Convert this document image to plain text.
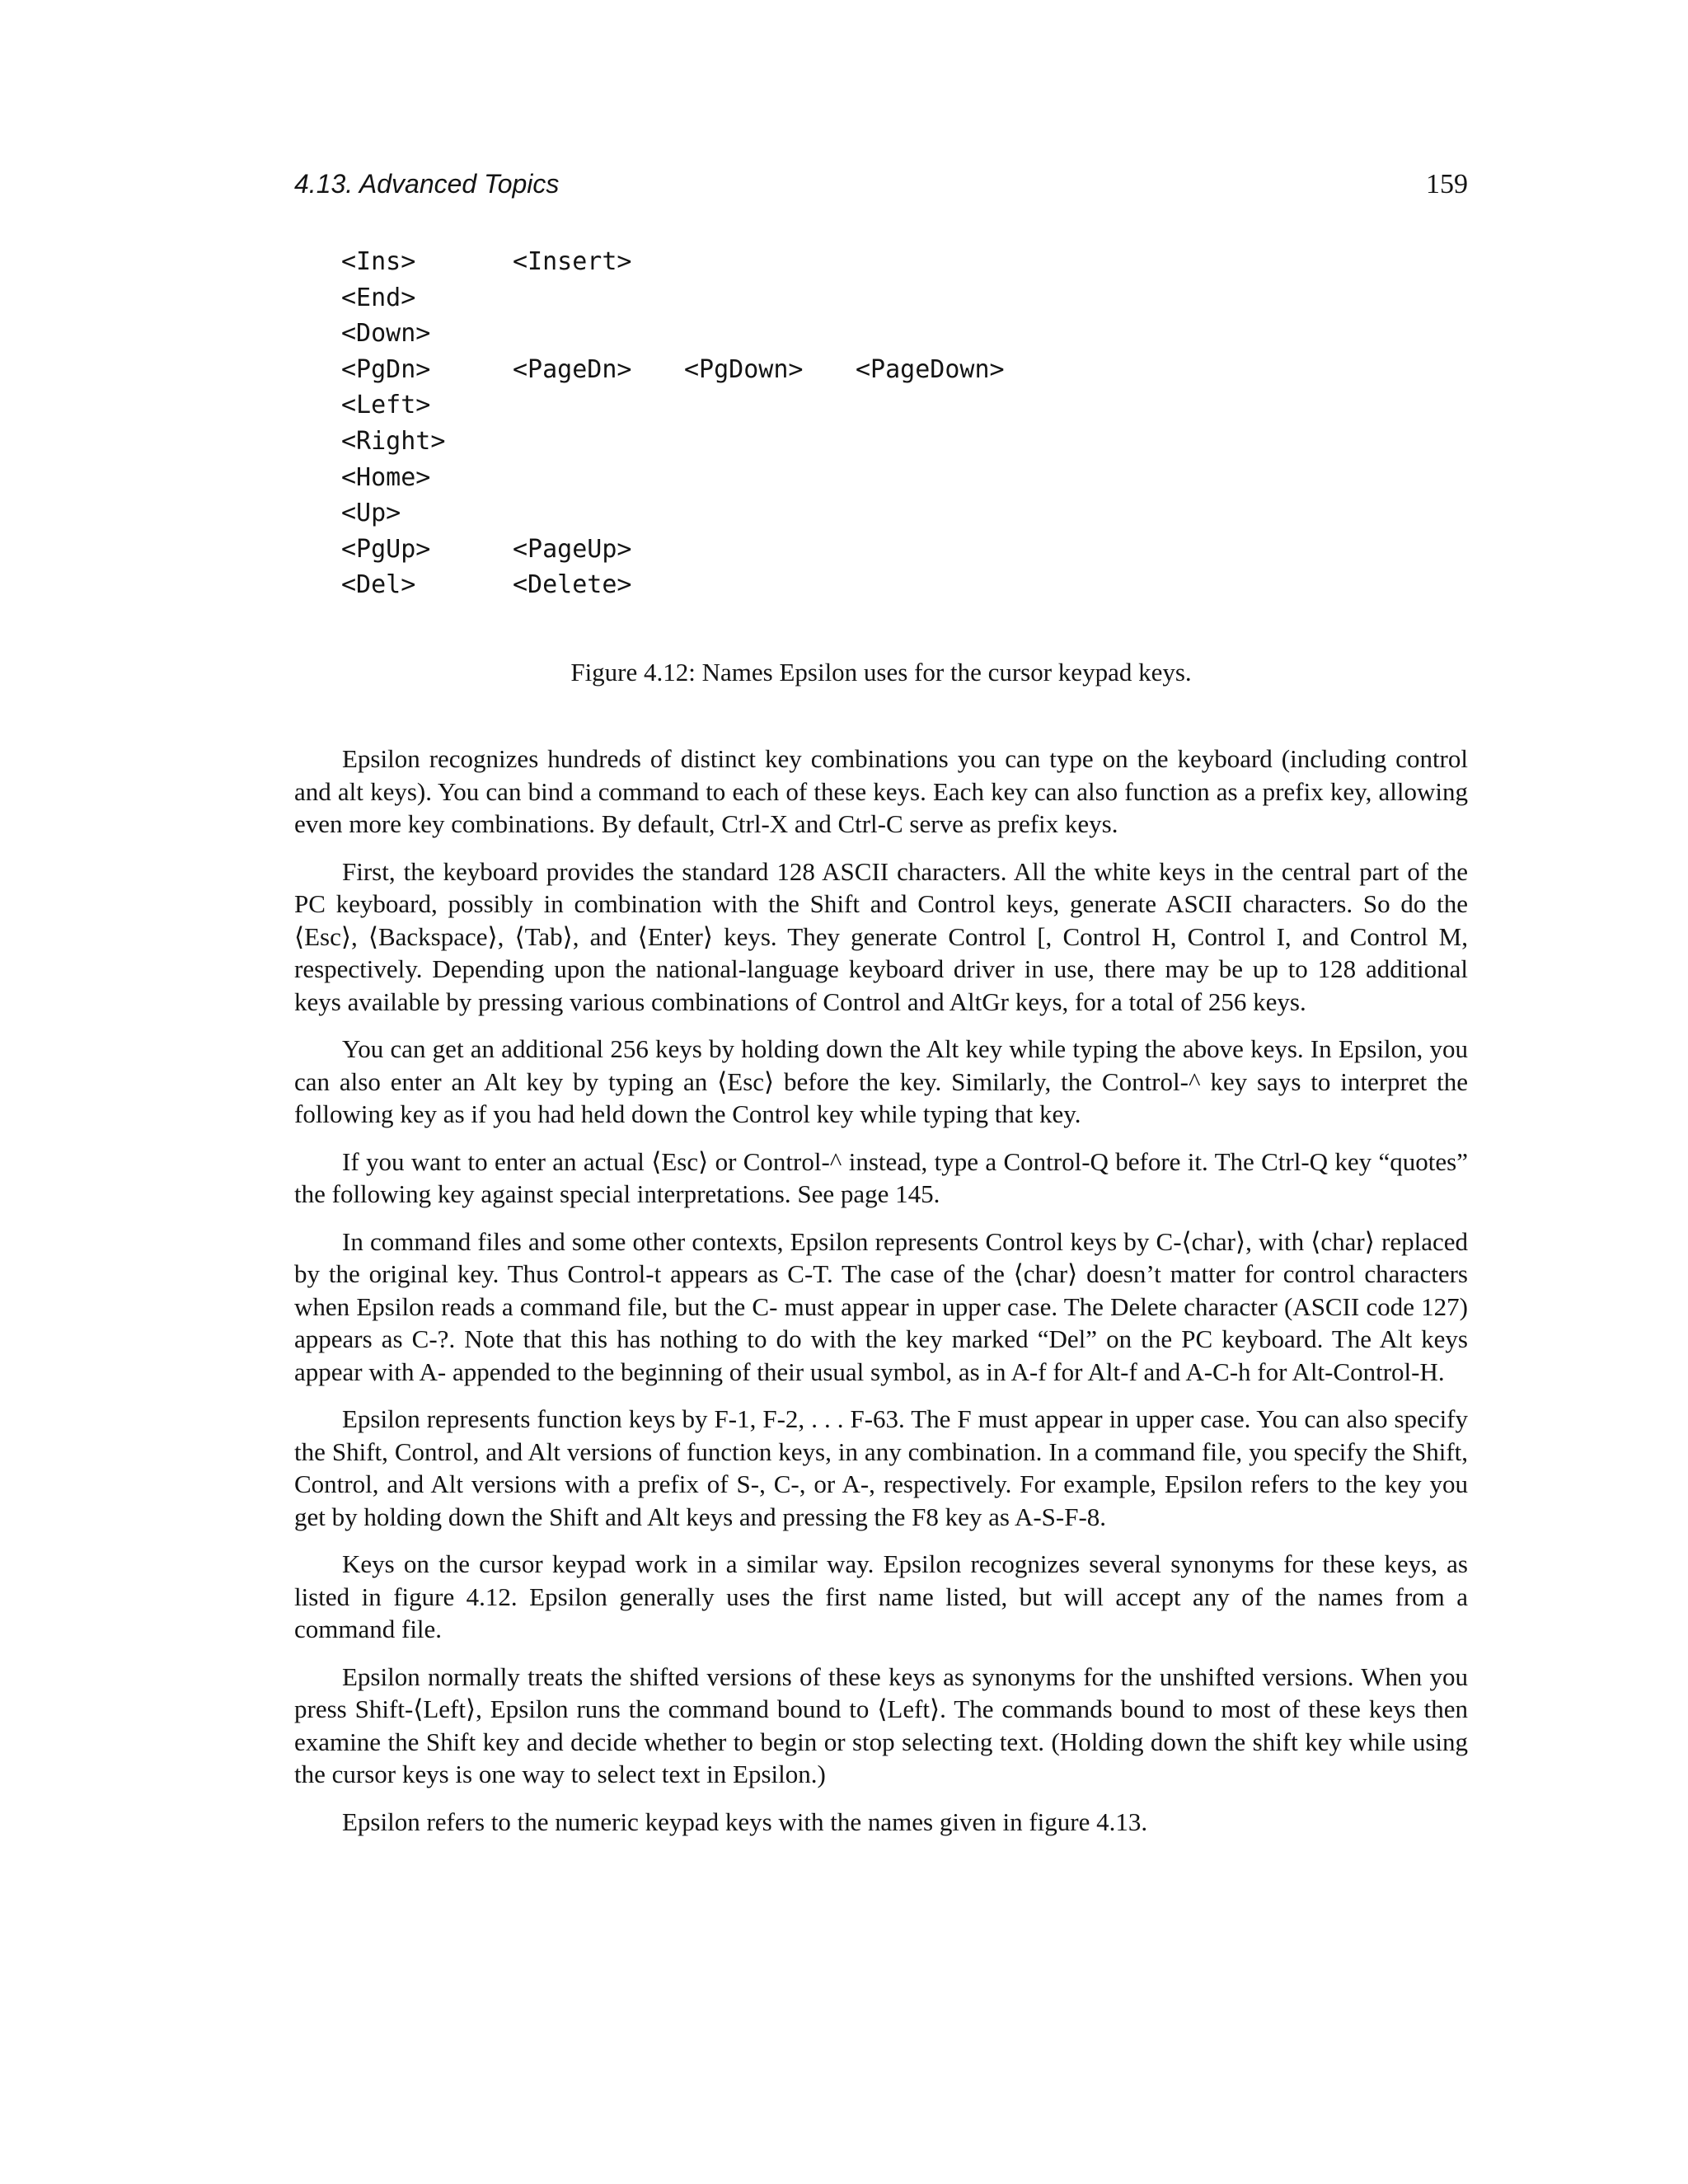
4.13. Advanced Topics	159
<Ins>	<Insert>
<End>
<Down>
<PgDn>	<PageDn> <PgDown> <PageDown>
<Left>
<Right>
<Home>
<Up>
<PgUp>	<PageUp>
<Del>	<Delete>
Figure 4.12: Names Epsilon uses for the cursor keypad keys.

Epsilon recognizes hundreds of distinct key combinations you can type on the keyboard (including control and alt keys). You can bind a command to each of these keys. Each key can also function as a prefix key, allowing even more key combinations. By default, Ctrl-X and Ctrl-C serve as prefix keys.

First, the keyboard provides the standard 128 ASCII characters. All the white keys in the central part of the PC keyboard, possibly in combination with the Shift and Control keys, generate ASCII characters. So do the ⟨Esc⟩, ⟨Backspace⟩, ⟨Tab⟩, and ⟨Enter⟩ keys. They generate Control [, Control H, Control I, and Control M, respectively. Depending upon the national-language keyboard driver in use, there may be up to 128 additional keys available by pressing various combinations of Control and AltGr keys, for a total of 256 keys.

You can get an additional 256 keys by holding down the Alt key while typing the above keys. In Epsilon, you can also enter an Alt key by typing an ⟨Esc⟩ before the key. Similarly, the Control-^ key says to interpret the following key as if you had held down the Control key while typing that key.

If you want to enter an actual ⟨Esc⟩ or Control-^ instead, type a Control-Q before it. The Ctrl-Q key “quotes” the following key against special interpretations. See page 145.

In command files and some other contexts, Epsilon represents Control keys by C-⟨char⟩, with ⟨char⟩ replaced by the original key. Thus Control-t appears as C-T. The case of the ⟨char⟩ doesn’t matter for control characters when Epsilon reads a command file, but the C- must appear in upper case. The Delete character (ASCII code 127) appears as C-?. Note that this has nothing to do with the key marked “Del” on the PC keyboard. The Alt keys appear with A- appended to the beginning of their usual symbol, as in A-f for Alt-f and A-C-h for Alt-Control-H.

Epsilon represents function keys by F-1, F-2, . . . F-63. The F must appear in upper case. You can also specify the Shift, Control, and Alt versions of function keys, in any combination. In a command file, you specify the Shift, Control, and Alt versions with a prefix of S-, C-, or A-, respectively. For example, Epsilon refers to the key you get by holding down the Shift and Alt keys and pressing the F8 key as A-S-F-8.

Keys on the cursor keypad work in a similar way. Epsilon recognizes several synonyms for these keys, as listed in figure 4.12. Epsilon generally uses the first name listed, but will accept any of the names from a command file.

Epsilon normally treats the shifted versions of these keys as synonyms for the unshifted versions. When you press Shift-⟨Left⟩, Epsilon runs the command bound to ⟨Left⟩. The commands bound to most of these keys then examine the Shift key and decide whether to begin or stop selecting text. (Holding down the shift key while using the cursor keys is one way to select text in Epsilon.)

Epsilon refers to the numeric keypad keys with the names given in figure 4.13.
